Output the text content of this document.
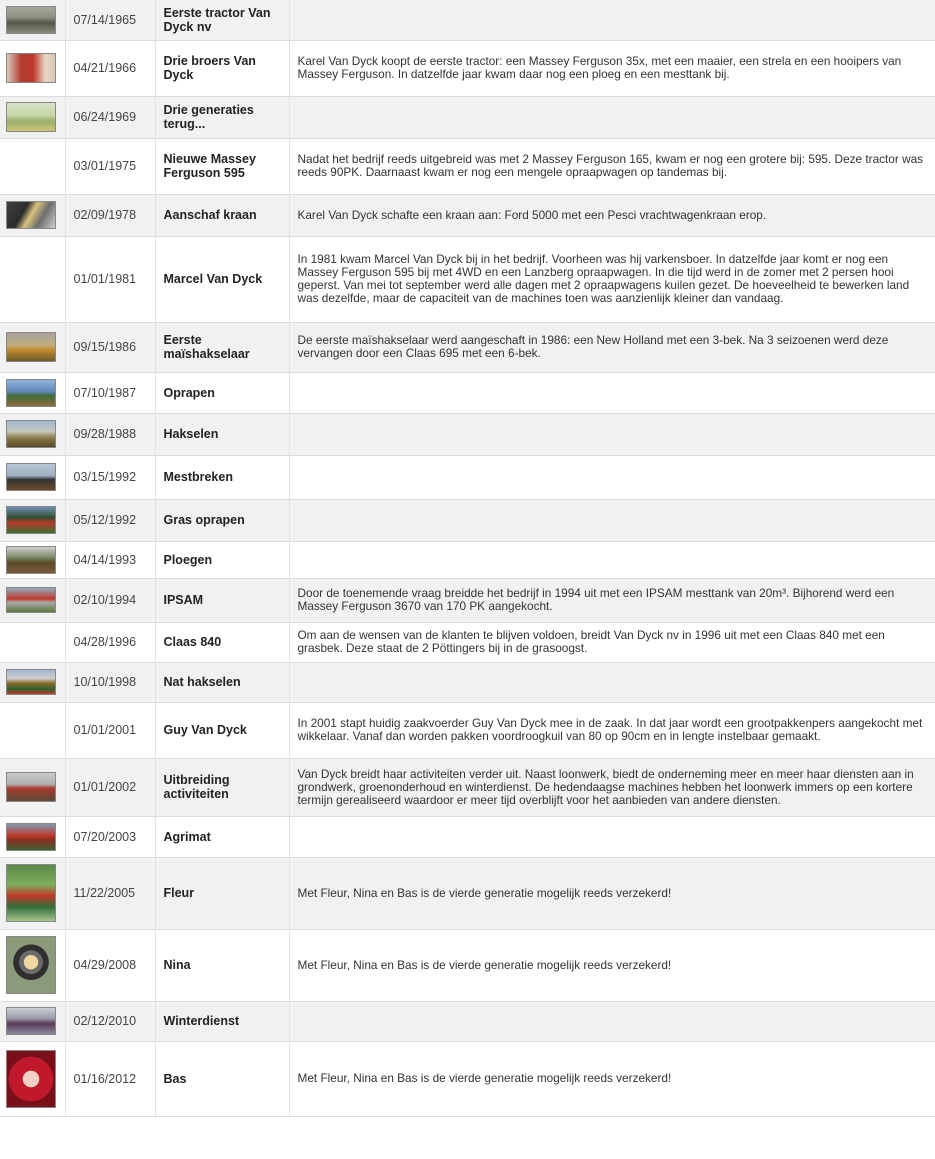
	07/14/1965	Eerste tractor Van Dyck nv	

	04/21/1966	Drie broers Van Dyck	Karel Van Dyck koopt de eerste tractor: een Massey Ferguson 35x, met een maaier, een strela en een hooipers van Massey Ferguson. In datzelfde jaar kwam daar nog een ploeg en een mesttank bij.

	06/24/1969	Drie generaties terug...	
	03/01/1975	Nieuwe Massey Ferguson 595	Nadat het bedrijf reeds uitgebreid was met 2 Massey Ferguson 165, kwam er nog een grotere bij: 595. Deze tractor was reeds 90PK. Daarnaast kwam er nog een mengele opraapwagen op tandemas bij.

	02/09/1978	Aanschaf kraan	Karel Van Dyck schafte een kraan aan: Ford 5000 met een Pesci vrachtwagenkraan erop.
	01/01/1981	Marcel Van Dyck	In 1981 kwam Marcel Van Dyck bij in het bedrijf. Voorheen was hij varkensboer. In datzelfde jaar komt er nog een Massey Ferguson 595 bij met 4WD en een Lanzberg opraapwagen. In die tijd werd in de zomer met 2 persen hooi geperst. Van mei tot september werd alle dagen met 2 opraapwagens kuilen gezet. De hoeveelheid te bewerken land was dezelfde, maar de capaciteit van de machines toen was aanzienlijk kleiner dan vandaag.

	09/15/1986	Eerste maïshakselaar	De eerste maïshakselaar werd aangeschaft in 1986: een New Holland met een 3-bek. Na 3 seizoenen werd deze vervangen door een Claas 695 met een 6-bek.

	07/10/1987	Oprapen	

	09/28/1988	Hakselen	

	03/15/1992	Mestbreken	

	05/12/1992	Gras oprapen	

	04/14/1993	Ploegen	

	02/10/1994	IPSAM	Door de toenemende vraag breidde het bedrijf in 1994 uit met een IPSAM mesttank van 20m³. Bijhorend werd een Massey Ferguson 3670 van 170 PK aangekocht.
	04/28/1996	Claas 840	Om aan de wensen van de klanten te blijven voldoen, breidt Van Dyck nv in 1996 uit met een Claas 840 met een grasbek. Deze staat de 2 Pöttingers bij in de grasoogst.

	10/10/1998	Nat hakselen	
	01/01/2001	Guy Van Dyck	In 2001 stapt huidig zaakvoerder Guy Van Dyck mee in de zaak. In dat jaar wordt een grootpakkenpers aangekocht met wikkelaar. Vanaf dan worden pakken voordroogkuil van 80 op 90cm en in lengte instelbaar gemaakt.

	01/01/2002	Uitbreiding activiteiten	Van Dyck breidt haar activiteiten verder uit. Naast loonwerk, biedt de onderneming meer en meer haar diensten aan in grondwerk, groenonderhoud en winterdienst. De hedendaagse machines hebben het loonwerk immers op een kortere termijn gerealiseerd waardoor er meer tijd overblijft voor het aanbieden van andere diensten.

	07/20/2003	Agrimat	

	11/22/2005	Fleur	Met Fleur, Nina en Bas is de vierde generatie mogelijk reeds verzekerd!

	04/29/2008	Nina	Met Fleur, Nina en Bas is de vierde generatie mogelijk reeds verzekerd!

	02/12/2010	Winterdienst	

	01/16/2012	Bas	Met Fleur, Nina en Bas is de vierde generatie mogelijk reeds verzekerd!
